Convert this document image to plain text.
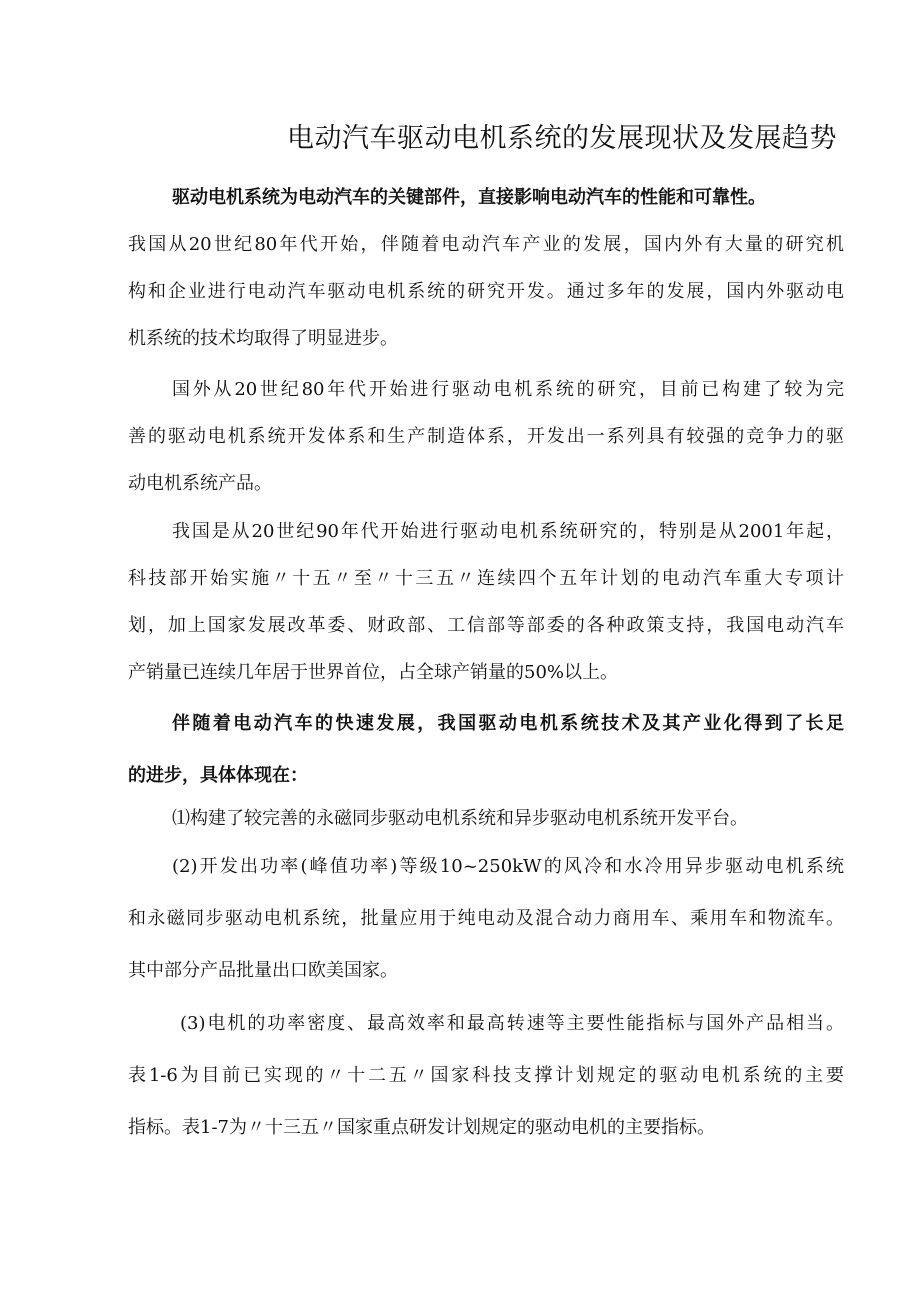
电动汽车驱动电机系统的发展现状及发展趋势

驱动电机系统为电动汽车的关键部件，直接影响电动汽车的性能和可靠性。
我国从20世纪80年代开始，伴随着电动汽车产业的发展，国内外有大量的研究机
构和企业进行电动汽车驱动电机系统的研究开发。通过多年的发展，国内外驱动电
机系统的技术均取得了明显进步。

国外从20世纪80年代开始进行驱动电机系统的研究，目前已构建了较为完
善的驱动电机系统开发体系和生产制造体系，开发出一系列具有较强的竞争力的驱
动电机系统产品。

我国是从20世纪90年代开始进行驱动电机系统研究的，特别是从2001年起，
科技部开始实施〃十五〃至〃十三五〃连续四个五年计划的电动汽车重大专项计
划，加上国家发展改革委、财政部、工信部等部委的各种政策支持，我国电动汽车
产销量已连续几年居于世界首位，占全球产销量的50%以上。

伴随着电动汽车的快速发展，我国驱动电机系统技术及其产业化得到了长足
的进步，具体体现在：

⑴构建了较完善的永磁同步驱动电机系统和异步驱动电机系统开发平台。

(2)开发出功率(峰值功率)等级10~250kW的风冷和水冷用异步驱动电机系统
和永磁同步驱动电机系统，批量应用于纯电动及混合动力商用车、乘用车和物流车。
其中部分产品批量出口欧美国家。

(3)电机的功率密度、最高效率和最高转速等主要性能指标与国外产品相当。
表1-6为目前已实现的〃十二五〃国家科技支撑计划规定的驱动电机系统的主要
指标。表1-7为〃十三五〃国家重点研发计划规定的驱动电机的主要指标。
